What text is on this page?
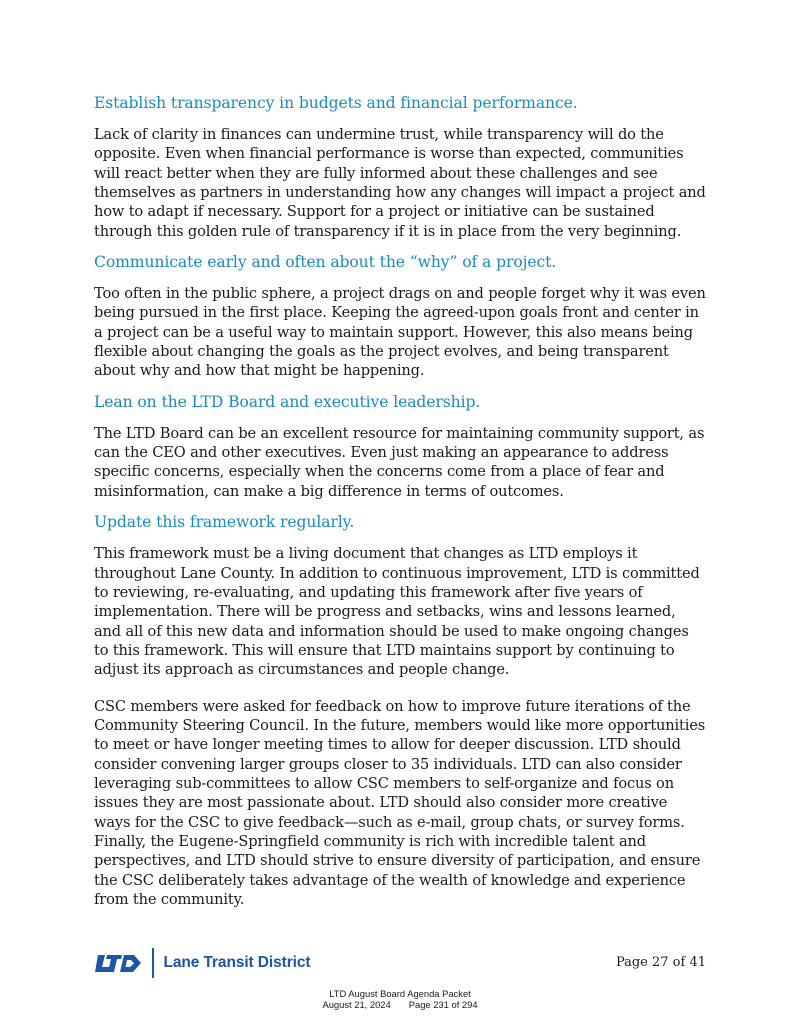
Establish transparency in budgets and financial performance.

Lack of clarity in finances can undermine trust, while transparency will do the opposite. Even when financial performance is worse than expected, communities will react better when they are fully informed about these challenges and see themselves as partners in understanding how any changes will impact a project and how to adapt if necessary. Support for a project or initiative can be sustained through this golden rule of transparency if it is in place from the very beginning.

Communicate early and often about the “why” of a project.

Too often in the public sphere, a project drags on and people forget why it was even being pursued in the first place. Keeping the agreed-upon goals front and center in a project can be a useful way to maintain support. However, this also means being flexible about changing the goals as the project evolves, and being transparent about why and how that might be happening.

Lean on the LTD Board and executive leadership.

The LTD Board can be an excellent resource for maintaining community support, as can the CEO and other executives. Even just making an appearance to address specific concerns, especially when the concerns come from a place of fear and misinformation, can make a big difference in terms of outcomes.

Update this framework regularly.

This framework must be a living document that changes as LTD employs it throughout Lane County. In addition to continuous improvement, LTD is committed to reviewing, re-evaluating, and updating this framework after five years of implementation. There will be progress and setbacks, wins and lessons learned, and all of this new data and information should be used to make ongoing changes to this framework. This will ensure that LTD maintains support by continuing to adjust its approach as circumstances and people change.

CSC members were asked for feedback on how to improve future iterations of the Community Steering Council. In the future, members would like more opportunities to meet or have longer meeting times to allow for deeper discussion. LTD should consider convening larger groups closer to 35 individuals. LTD can also consider leveraging sub-committees to allow CSC members to self-organize and focus on issues they are most passionate about. LTD should also consider more creative ways for the CSC to give feedback—such as e-mail, group chats, or survey forms. Finally, the Eugene-Springfield community is rich with incredible talent and perspectives, and LTD should strive to ensure diversity of participation, and ensure the CSC deliberately takes advantage of the wealth of knowledge and experience from the community.

Lane Transit District	Page 27 of 41
LTD August Board Agenda Packet
August 21, 2024 Page 231 of 294
